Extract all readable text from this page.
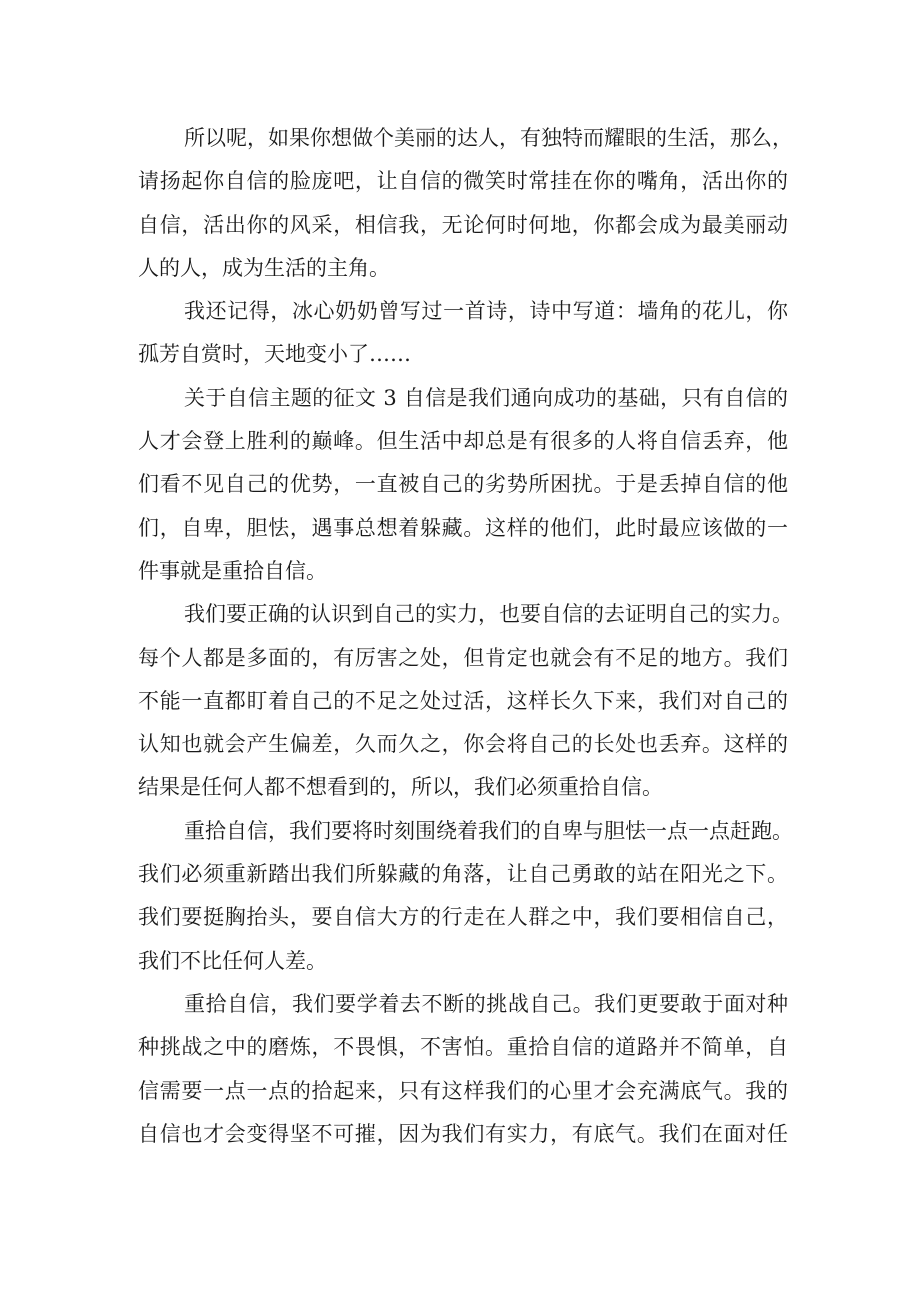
所以呢，如果你想做个美丽的达人，有独特而耀眼的生活，那么，
请扬起你自信的脸庞吧，让自信的微笑时常挂在你的嘴角，活出你的
自信，活出你的风采，相信我，无论何时何地，你都会成为最美丽动
人的人，成为生活的主角。

我还记得，冰心奶奶曾写过一首诗，诗中写道：墙角的花儿，你
孤芳自赏时，天地变小了……

关于自信主题的征文 3 自信是我们通向成功的基础，只有自信的
人才会登上胜利的巅峰。但生活中却总是有很多的人将自信丢弃，他
们看不见自己的优势，一直被自己的劣势所困扰。于是丢掉自信的他
们，自卑，胆怯，遇事总想着躲藏。这样的他们，此时最应该做的一
件事就是重拾自信。

我们要正确的认识到自己的实力，也要自信的去证明自己的实力。
每个人都是多面的，有厉害之处，但肯定也就会有不足的地方。我们
不能一直都盯着自己的不足之处过活，这样长久下来，我们对自己的
认知也就会产生偏差，久而久之，你会将自己的长处也丢弃。这样的
结果是任何人都不想看到的，所以，我们必须重拾自信。

重拾自信，我们要将时刻围绕着我们的自卑与胆怯一点一点赶跑。
我们必须重新踏出我们所躲藏的角落，让自己勇敢的站在阳光之下。
我们要挺胸抬头，要自信大方的行走在人群之中，我们要相信自己，
我们不比任何人差。

重拾自信，我们要学着去不断的挑战自己。我们更要敢于面对种
种挑战之中的磨炼，不畏惧，不害怕。重拾自信的道路并不简单，自
信需要一点一点的拾起来，只有这样我们的心里才会充满底气。我的
自信也才会变得坚不可摧，因为我们有实力，有底气。我们在面对任
